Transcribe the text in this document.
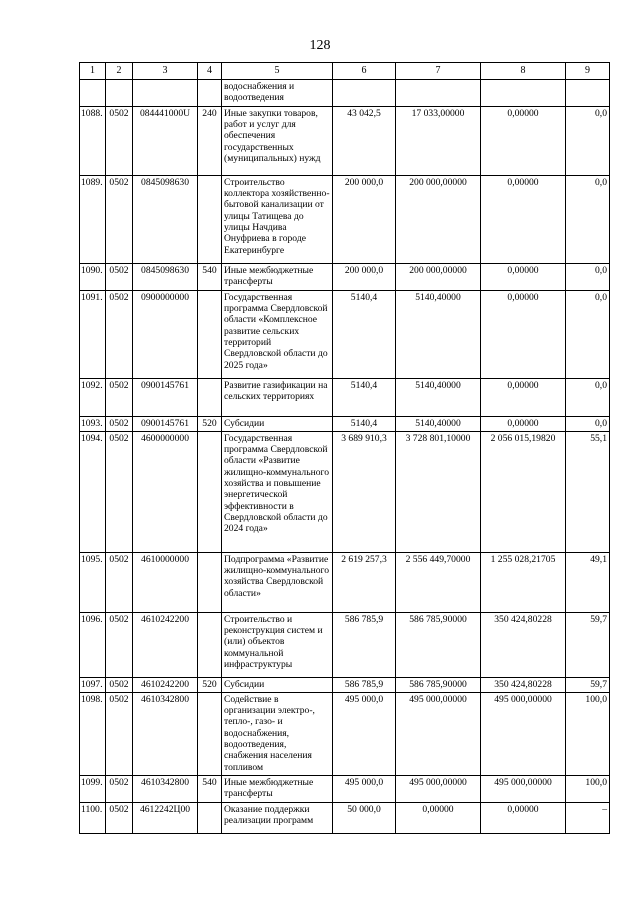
128
1	2	3	4	5	6	7	8	9
				водоснабжения и водоотведения				
1088.	0502	084441000U	240	Иные закупки товаров, работ и услуг для обеспечения государственных (муниципальных) нужд	43 042,5	17 033,00000	0,00000	0,0
1089.	0502	0845098630		Строительство коллектора хозяйственно-бытовой канализации от улицы Татищева до улицы Начдива Онуфриева в городе Екатеринбурге	200 000,0	200 000,00000	0,00000	0,0
1090.	0502	0845098630	540	Иные межбюджетные трансферты	200 000,0	200 000,00000	0,00000	0,0
1091.	0502	0900000000		Государственная программа Свердловской области «Комплексное развитие сельских территорий Свердловской области до 2025 года»	5140,4	5140,40000	0,00000	0,0
1092.	0502	0900145761		Развитие газификации на сельских территориях	5140,4	5140,40000	0,00000	0,0
1093.	0502	0900145761	520	Субсидии	5140,4	5140,40000	0,00000	0,0
1094.	0502	4600000000		Государственная программа Свердловской области «Развитие жилищно-коммунального хозяйства и повышение энергетической эффективности в Свердловской области до 2024 года»	3 689 910,3	3 728 801,10000	2 056 015,19820	55,1
1095.	0502	4610000000		Подпрограмма «Развитие жилищно-коммунального хозяйства Свердловской области»	2 619 257,3	2 556 449,70000	1 255 028,21705	49,1
1096.	0502	4610242200		Строительство и реконструкция систем и (или) объектов коммунальной инфраструктуры	586 785,9	586 785,90000	350 424,80228	59,7
1097.	0502	4610242200	520	Субсидии	586 785,9	586 785,90000	350 424,80228	59,7
1098.	0502	4610342800		Содействие в организации электро-, тепло-, газо- и водоснабжения, водоотведения, снабжения населения топливом	495 000,0	495 000,00000	495 000,00000	100,0
1099.	0502	4610342800	540	Иные межбюджетные трансферты	495 000,0	495 000,00000	495 000,00000	100,0
1100.	0502	4612242Ц00		Оказание поддержки реализации программ	50 000,0	0,00000	0,00000	–
